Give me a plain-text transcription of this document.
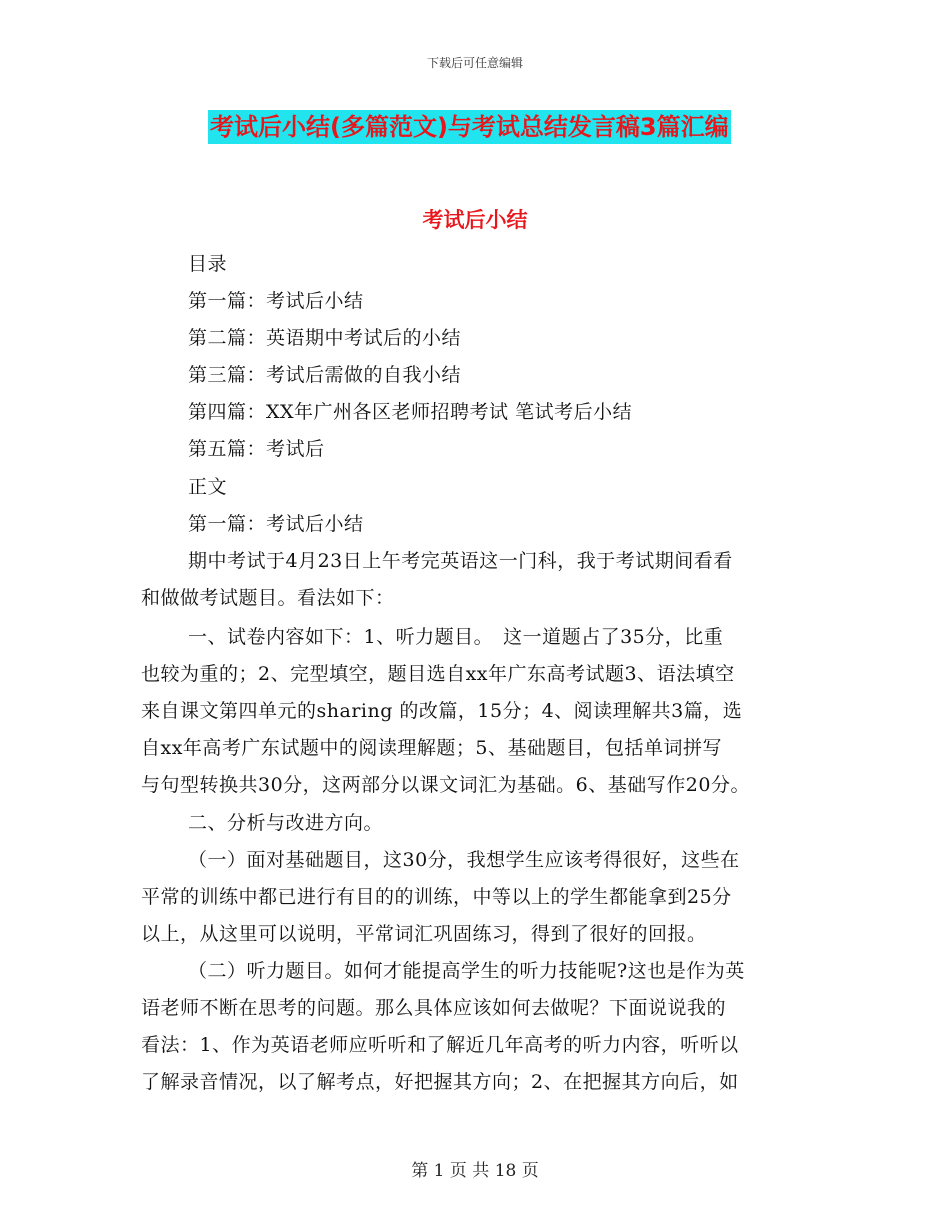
下载后可任意编辑
考试后小结(多篇范文)与考试总结发言稿3篇汇编
考试后小结
目录
第一篇：考试后小结
第二篇：英语期中考试后的小结
第三篇：考试后需做的自我小结
第四篇：XX年广州各区老师招聘考试 笔试考后小结
第五篇：考试后
正文
第一篇：考试后小结
期中考试于4月23日上午考完英语这一门科，我于考试期间看看
和做做考试题目。看法如下：
一、试卷内容如下：1、听力题目。　这一道题占了35分，比重
也较为重的；2、完型填空，题目选自xx年广东高考试题3、语法填空
来自课文第四单元的sharing 的改篇，15分；4、阅读理解共3篇，选
自xx年高考广东试题中的阅读理解题；5、基础题目，包括单词拼写
与句型转换共30分，这两部分以课文词汇为基础。6、基础写作20分。
二、分析与改进方向。
（一）面对基础题目，这30分，我想学生应该考得很好，这些在
平常的训练中都已进行有目的的训练，中等以上的学生都能拿到25分
以上，从这里可以说明，平常词汇巩固练习，得到了很好的回报。
（二）听力题目。如何才能提高学生的听力技能呢?这也是作为英
语老师不断在思考的问题。那么具体应该如何去做呢？下面说说我的
看法：1、作为英语老师应听听和了解近几年高考的听力内容，听听以
了解录音情况，以了解考点，好把握其方向；2、在把握其方向后，如
第 1 页 共 18 页
